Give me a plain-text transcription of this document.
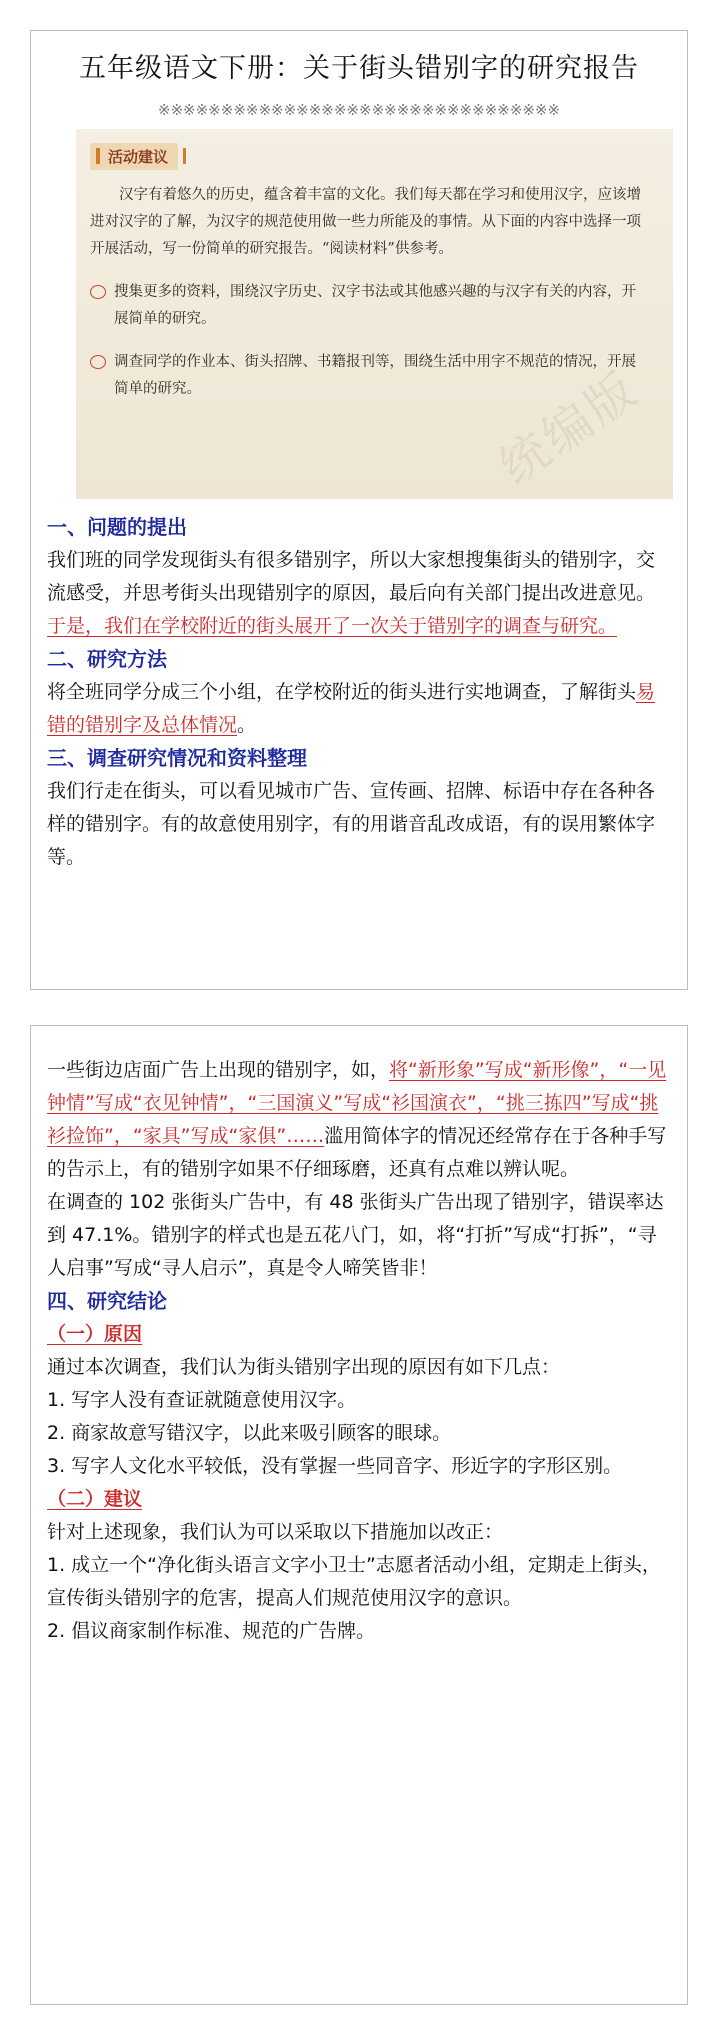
五年级语文下册：关于街头错别字的研究报告
※※※※※※※※※※※※※※※※※※※※※※※※※※※※※※※※
活动建议
汉字有着悠久的历史，蕴含着丰富的文化。我们每天都在学习和使用汉字，应该增进对汉字的了解，为汉字的规范使用做一些力所能及的事情。从下面的内容中选择一项开展活动，写一份简单的研究报告。“阅读材料”供参考。
搜集更多的资料，围绕汉字历史、汉字书法或其他感兴趣的与汉字有关的内容，开展简单的研究。
调查同学的作业本、街头招牌、书籍报刊等，围绕生活中用字不规范的情况，开展简单的研究。	统编版
一、问题的提出

我们班的同学发现街头有很多错别字，所以大家想搜集街头的错别字，交流感受，并思考街头出现错别字的原因，最后向有关部门提出改进意见。于是，我们在学校附近的街头展开了一次关于错别字的调查与研究。

二、研究方法

将全班同学分成三个小组，在学校附近的街头进行实地调查，了解街头易错的错别字及总体情况。

三、调查研究情况和资料整理

我们行走在街头，可以看见城市广告、宣传画、招牌、标语中存在各种各样的错别字。有的故意使用别字，有的用谐音乱改成语，有的误用繁体字等。

一些街边店面广告上出现的错别字，如，将“新形象”写成“新形像”，“一见钟情”写成“衣见钟情”，“三国演义”写成“衫国演衣”，“挑三拣四”写成“挑衫捡饰”，“家具”写成“家俱”……滥用简体字的情况还经常存在于各种手写的告示上，有的错别字如果不仔细琢磨，还真有点难以辨认呢。

在调查的 102 张街头广告中，有 48 张街头广告出现了错别字，错误率达到 47.1%。错别字的样式也是五花八门，如，将“打折”写成“打拆”，“寻人启事”写成“寻人启示”，真是令人啼笑皆非！

四、研究结论
（一）原因

通过本次调查，我们认为街头错别字出现的原因有如下几点：

1. 写字人没有查证就随意使用汉字。

2. 商家故意写错汉字，以此来吸引顾客的眼球。

3. 写字人文化水平较低，没有掌握一些同音字、形近字的字形区别。

（二）建议

针对上述现象，我们认为可以采取以下措施加以改正：

1. 成立一个“净化街头语言文字小卫士”志愿者活动小组，定期走上街头，宣传街头错别字的危害，提高人们规范使用汉字的意识。

2. 倡议商家制作标准、规范的广告牌。
